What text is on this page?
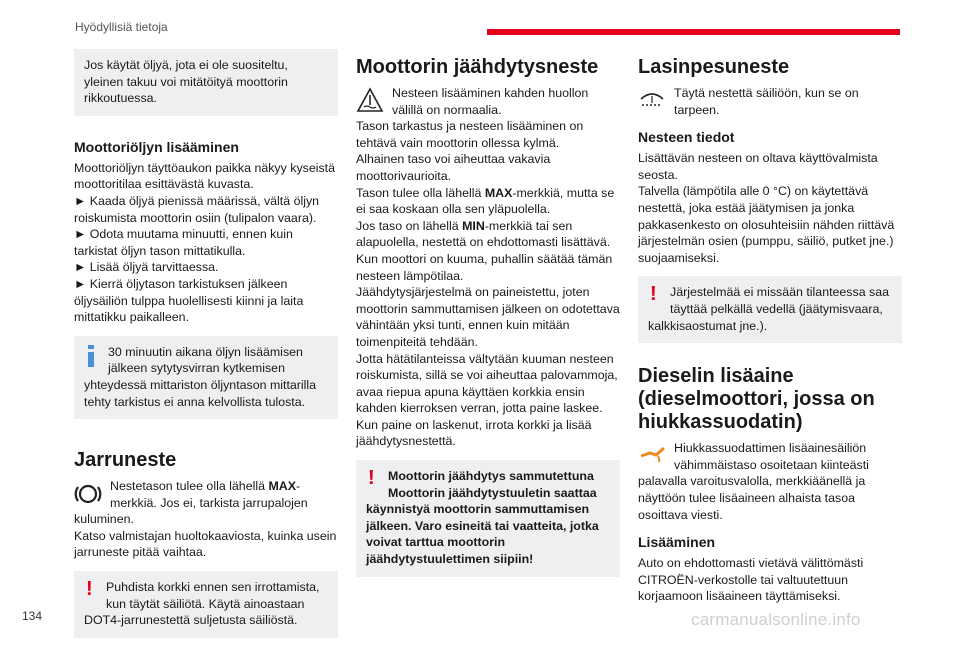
Hyödyllisiä tietoja

Jos käytät öljyä, jota ei ole suositeltu, yleinen takuu voi mitätöityä moottorin rikkoutuessa.

Moottoriöljyn lisääminen

Moottoriöljyn täyttöaukon paikka näkyy kyseistä moottoritilaa esittävästä kuvasta.

► Kaada öljyä pienissä määrissä, vältä öljyn roiskumista moottorin osiin (tulipalon vaara).

► Odota muutama minuutti, ennen kuin tarkistat öljyn tason mittatikulla.

► Lisää öljyä tarvittaessa.

► Kierrä öljytason tarkistuksen jälkeen öljysäiliön tulppa huolellisesti kiinni ja laita mittatikku paikalleen.

30 minuutin aikana öljyn lisäämisen jälkeen sytytysvirran kytkemisen yhteydessä mittariston öljyntason mittarilla tehty tarkistus ei anna kelvollista tulosta.

Jarruneste

Nestetason tulee olla lähellä MAX-merkkiä. Jos ei, tarkista jarrupalojen kuluminen.

Katso valmistajan huoltokaaviosta, kuinka usein jarruneste pitää vaihtaa.

!	Puhdista korkki ennen sen irrottamista, kun täytät säiliötä. Käytä ainoastaan DOT4-jarrunestettä suljetusta säiliöstä.

Moottorin jäähdytysneste

Nesteen lisääminen kahden huollon välillä on normaalia.

Tason tarkastus ja nesteen lisääminen on tehtävä vain moottorin ollessa kylmä.

Alhainen taso voi aiheuttaa vakavia moottorivaurioita.

Tason tulee olla lähellä MAX-merkkiä, mutta se ei saa koskaan olla sen yläpuolella.

Jos taso on lähellä MIN-merkkiä tai sen alapuolella, nestettä on ehdottomasti lisättävä.

Kun moottori on kuuma, puhallin säätää tämän nesteen lämpötilaa.

Jäähdytysjärjestelmä on paineistettu, joten moottorin sammuttamisen jälkeen on odotettava vähintään yksi tunti, ennen kuin mitään toimenpiteitä tehdään.

Jotta hätätilanteissa vältytään kuuman nesteen roiskumista, sillä se voi aiheuttaa palovammoja, avaa riepua apuna käyttäen korkkia ensin kahden kierroksen verran, jotta paine laskee. Kun paine on laskenut, irrota korkki ja lisää jäähdytysnestettä.

!	Moottorin jäähdytys sammutettuna Moottorin jäähdytystuuletin saattaa käynnistyä moottorin sammuttamisen jälkeen. Varo esineitä tai vaatteita, jotka voivat tarttua moottorin jäähdytystuulettimen siipiin!

Lasinpesuneste

Täytä nestettä säiliöön, kun se on tarpeen.

Nesteen tiedot

Lisättävän nesteen on oltava käyttövalmista seosta.

Talvella (lämpötila alle 0 °C) on käytettävä nestettä, joka estää jäätymisen ja jonka pakkasenkesto on olosuhteisiin nähden riittävä järjestelmän osien (pumppu, säiliö, putket jne.) suojaamiseksi.

!	Järjestelmää ei missään tilanteessa saa täyttää pelkällä vedellä (jäätymisvaara, kalkkisaostumat jne.).

Dieselin lisäaine (dieselmoottori, jossa on hiukkassuodatin)

Hiukkassuodattimen lisäainesäiliön vähimmäistaso osoitetaan kiinteästi palavalla varoitusvalolla, merkkiäänellä ja näyttöön tulee lisäaineen alhaista tasoa osoittava viesti.

Lisääminen

Auto on ehdottomasti vietävä välittömästi CITROËN-verkostolle tai valtuutettuun korjaamoon lisäaineen täyttämiseksi.

134	carmanualsonline.info
